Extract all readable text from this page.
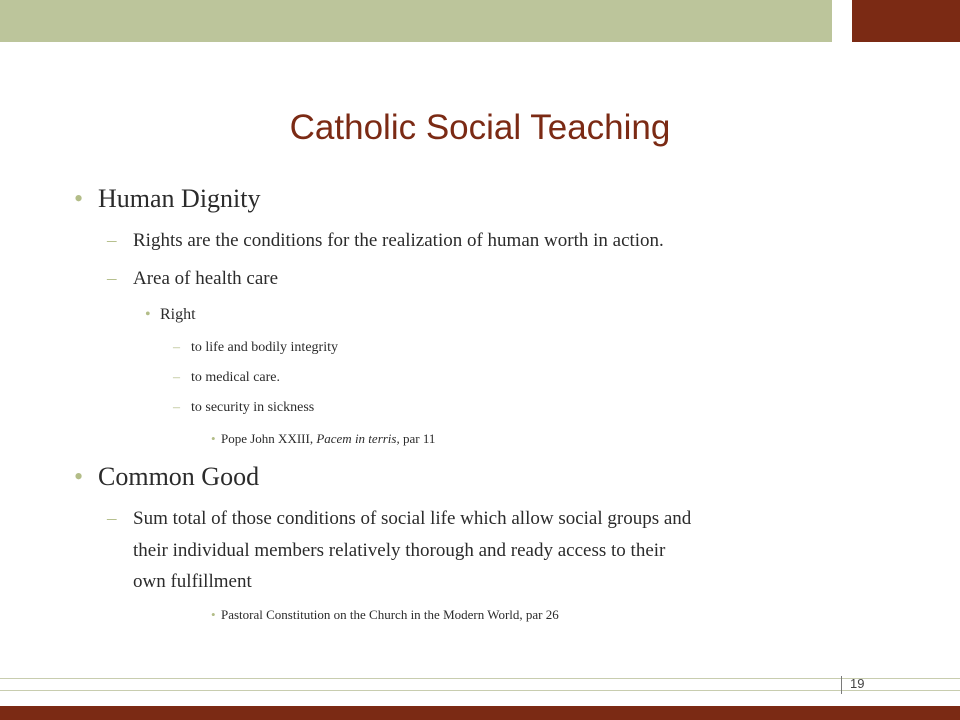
Catholic Social Teaching
• Human Dignity
– Rights are the conditions for the realization of human worth in action.
– Area of health care
• Right
– to life and bodily integrity
– to medical care.
– to security in sickness
• Pope John XXIII, Pacem in terris, par 11
• Common Good
– Sum total of those conditions of social life which allow social groups and
their individual members relatively thorough and ready access to their
own fulfillment
• Pastoral Constitution on the Church in the Modern World, par 26
19
